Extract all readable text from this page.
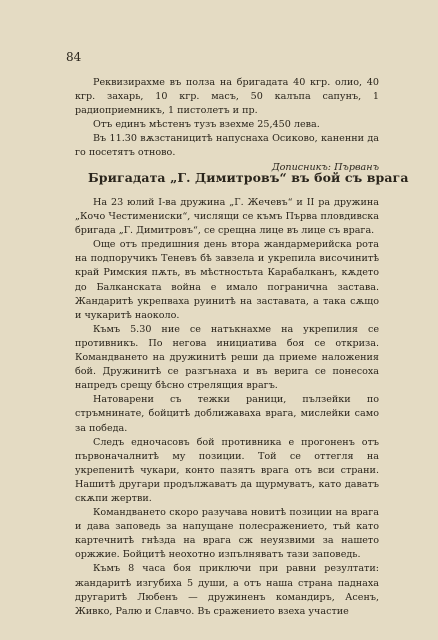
84

Реквизирахме въ полза на бригадата 40 кгр. олио, 40 кгр. захарь, 10 кгр. масъ, 50 калъпа сапунъ, 1 радиоприемникъ, 1 пистолетъ и пр.

Отъ единъ мѣстенъ тузъ взехме 25,450 лева.

Въ 11.30 вѫзстаницитѣ напуснаха Осиково, каненни да го посетятъ отново.

Дописникъ: Първанъ
Бригадата „Г. Димитровъ“ въ бой съ врага

На 23 юлий I-ва дружина „Г. Жечевъ“ и II ра дружина „Кочо Честимениски“, числящи се къмъ Първа пловдивска бригада „Г. Димитровъ“, се срещна лице въ лице съ врага.

Още отъ предишния день втора жандармерийска рота на подпоручикъ Теневъ бѣ завзела и укрепила височинитѣ край Римския пѫть, въ мѣстностьта Карабалканъ, кѫдето до Балканската война е имало погранична застава. Жандаритѣ укрепваха руинитѣ на заставата, а така сѫщо и чукаритѣ наоколо.

Къмъ 5.30 ние се натъкнахме на укрепилия се противникъ. По негова инициатива боя се откриза. Командването на дружинитѣ реши да приеме наложения бой. Дружинитѣ се разгънаха и въ верига се понесоха напредъ срещу бѣсно стрелящия врагъ.

Натоварени съ тежки раници, пълзейки по стръмнинате, бойцитѣ доближаваха врага, мислейки само за победа.

Следъ едночасовъ бой противника е прогоненъ отъ първоначалнитѣ му позиции. Той се оттегля на укрепенитѣ чукари, конто пазятъ врага отъ вси страни. Нашитѣ другари продължаватъ да щурмуватъ, като даватъ скѫпи жертви.

Командването скоро разучава новитѣ позиции на врага и дава заповедь за напущане полесражението, тъй като картечнитѣ гнѣзда на врага сж неуязвими за нашето оржжие. Бойцитѣ неохотно изпълняватъ тази заповедь.

Къмъ 8 часа боя приключи при равни резултати: жандаритѣ изгубиха 5 души, а отъ наша страна паднаха другаритѣ Любенъ — дружиненъ командиръ, Асенъ, Живко, Ралю и Славчо. Въ сражението взеха участие
